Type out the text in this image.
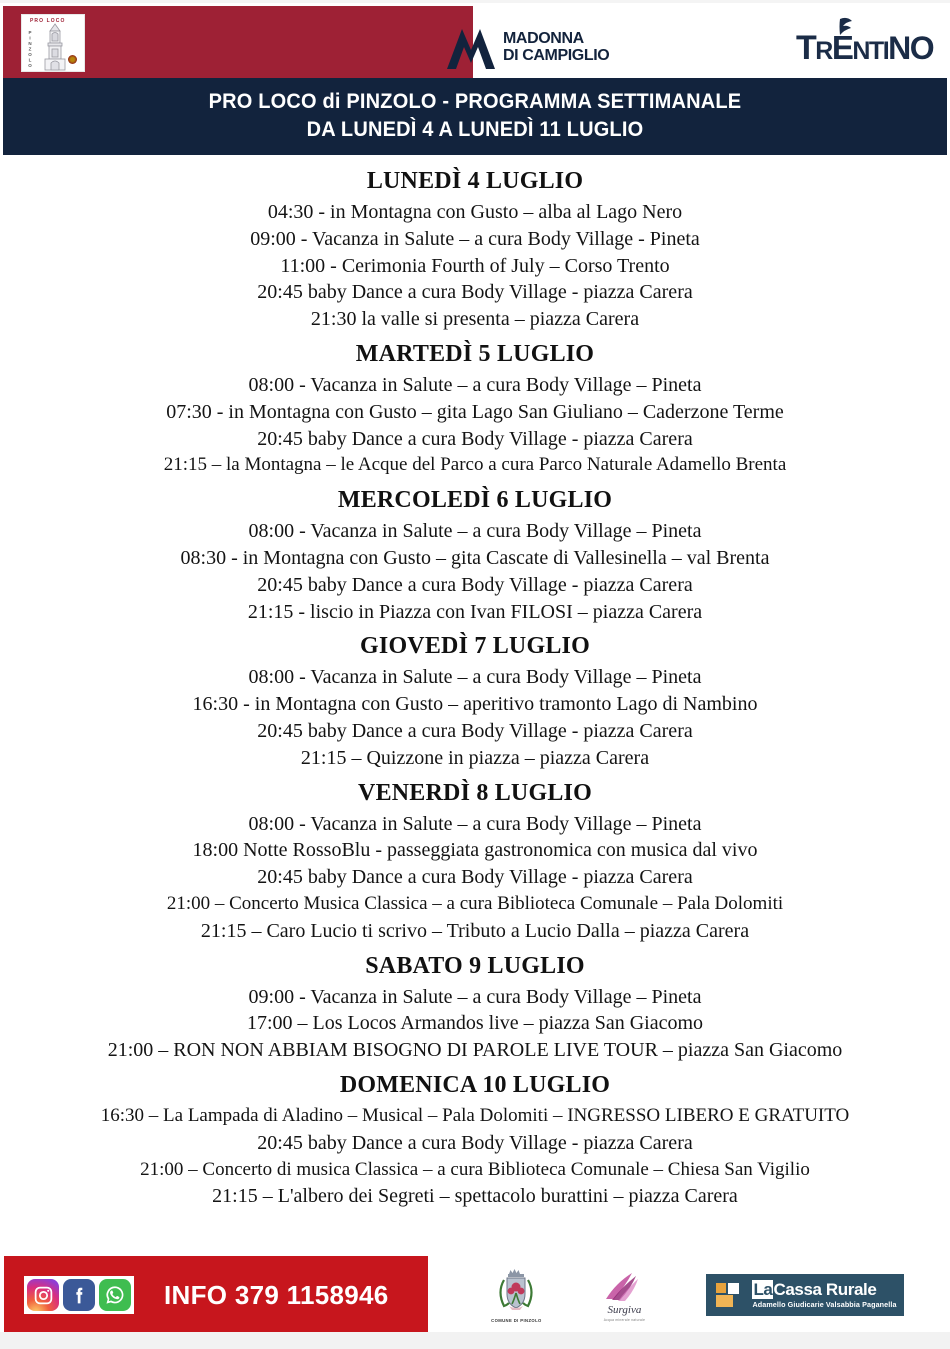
PRO LOCO
PINZOLO	MADONNA
DI CAMPIGLIO	TRENTINO
PRO LOCO di PINZOLO - PROGRAMMA SETTIMANALE
DA LUNEDÌ 4 A LUNEDÌ 11 LUGLIO
LUNEDÌ 4 LUGLIO
04:30 - in Montagna con Gusto – alba al Lago Nero
09:00 - Vacanza in Salute – a cura Body Village - Pineta
11:00 - Cerimonia Fourth of July – Corso Trento
20:45 baby Dance a cura Body Village - piazza Carera
21:30 la valle si presenta – piazza Carera
MARTEDÌ 5 LUGLIO
08:00 - Vacanza in Salute – a cura Body Village – Pineta
07:30 - in Montagna con Gusto – gita Lago San Giuliano – Caderzone Terme
20:45 baby Dance a cura Body Village - piazza Carera
21:15 – la Montagna – le Acque del Parco a cura Parco Naturale Adamello Brenta
MERCOLEDÌ 6 LUGLIO
08:00 - Vacanza in Salute – a cura Body Village – Pineta
08:30 - in Montagna con Gusto – gita Cascate di Vallesinella – val Brenta
20:45 baby Dance a cura Body Village - piazza Carera
21:15 - liscio in Piazza con Ivan FILOSI – piazza Carera
GIOVEDÌ 7 LUGLIO
08:00 - Vacanza in Salute – a cura Body Village – Pineta
16:30 - in Montagna con Gusto – aperitivo tramonto Lago di Nambino
20:45 baby Dance a cura Body Village - piazza Carera
21:15 – Quizzone in piazza – piazza Carera
VENERDÌ 8 LUGLIO
08:00 - Vacanza in Salute – a cura Body Village – Pineta
18:00 Notte RossoBlu - passeggiata gastronomica con musica dal vivo
20:45 baby Dance a cura Body Village - piazza Carera
21:00 – Concerto Musica Classica – a cura Biblioteca Comunale – Pala Dolomiti
21:15 – Caro Lucio ti scrivo – Tributo a Lucio Dalla – piazza Carera
SABATO 9 LUGLIO
09:00 - Vacanza in Salute – a cura Body Village – Pineta
17:00 – Los Locos Armandos live – piazza San Giacomo
21:00 – RON NON ABBIAM BISOGNO DI PAROLE LIVE TOUR – piazza San Giacomo
DOMENICA 10 LUGLIO
16:30 – La Lampada di Aladino – Musical – Pala Dolomiti – INGRESSO LIBERO E GRATUITO
20:45 baby Dance a cura Body Village - piazza Carera
21:00 – Concerto di musica Classica – a cura Biblioteca Comunale – Chiesa San Vigilio
21:15 – L'albero dei Segreti – spettacolo burattini – piazza Carera
INFO 379 1158946
COMUNE DI PINZOLO
Surgiva
Acqua minerale naturale
LaCassa Rurale
Adamello Giudicarie Valsabbia Paganella
